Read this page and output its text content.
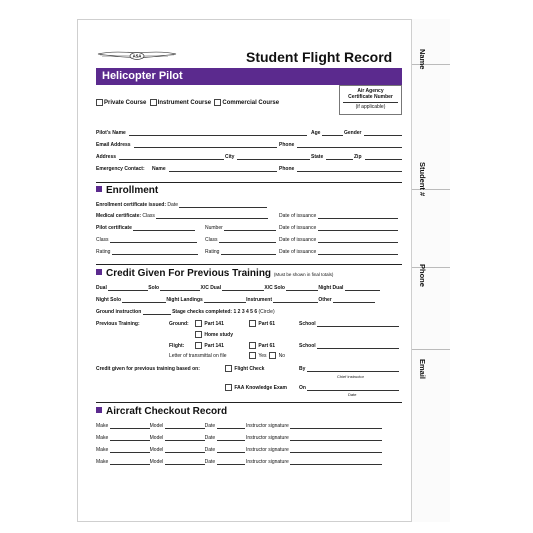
Name
Student #
Phone
Email
ASA	Student Flight Record
Helicopter Pilot
Private Course Instrument Course Commercial Course
Air Agency
Certificate Number
(if applicable)
Pilot's Name	Age	Gender
Email Address	Phone
Address	City	State	Zip
Emergency Contact: Name	Phone
Enrollment
Enrollment certificate issued: Date
Medical certificate: Class	Date of issuance
Pilot certificate	Number	Date of issuance
Class	Class	Date of issuance
Rating	Rating	Date of issuance
Credit Given For Previous Training (Must be shown in final totals)
Dual	Solo	X/C Dual	X/C Solo	Night Dual
Night Solo	Night Landings	Instrument	Other
Ground instruction	Stage checks completed: 1 2 3 4 5 6 (Circle)
Previous Training:	Ground:	Part 141	Part 61	School
Home study
Flight:	Part 141	Part 61	School
Letter of transmittal on file	Yes No
Credit given for previous training based on:	Flight Check	By
Chief instructor
FAA Knowledge Exam On
Date
Aircraft Checkout Record
Make	Model	Date	Instructor signature
Make	Model	Date	Instructor signature
Make	Model	Date	Instructor signature
Make	Model	Date	Instructor signature
